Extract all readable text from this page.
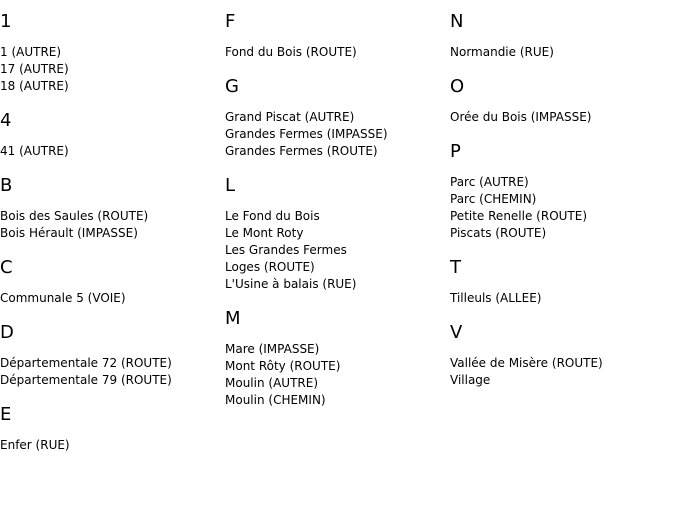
1
1 (AUTRE)
17 (AUTRE)
18 (AUTRE)
4
41 (AUTRE)
B
Bois des Saules (ROUTE)
Bois Hérault (IMPASSE)
C
Communale 5 (VOIE)
D
Départementale 72 (ROUTE)
Départementale 79 (ROUTE)
E
Enfer (RUE)
F
Fond du Bois (ROUTE)
G
Grand Piscat (AUTRE)
Grandes Fermes (IMPASSE)
Grandes Fermes (ROUTE)
L
Le Fond du Bois
Le Mont Roty
Les Grandes Fermes
Loges (ROUTE)
L'Usine à balais (RUE)
M
Mare (IMPASSE)
Mont Rôty (ROUTE)
Moulin (AUTRE)
Moulin (CHEMIN)
N
Normandie (RUE)
O
Orée du Bois (IMPASSE)
P
Parc (AUTRE)
Parc (CHEMIN)
Petite Renelle (ROUTE)
Piscats (ROUTE)
T
Tilleuls (ALLEE)
V
Vallée de Misère (ROUTE)
Village
